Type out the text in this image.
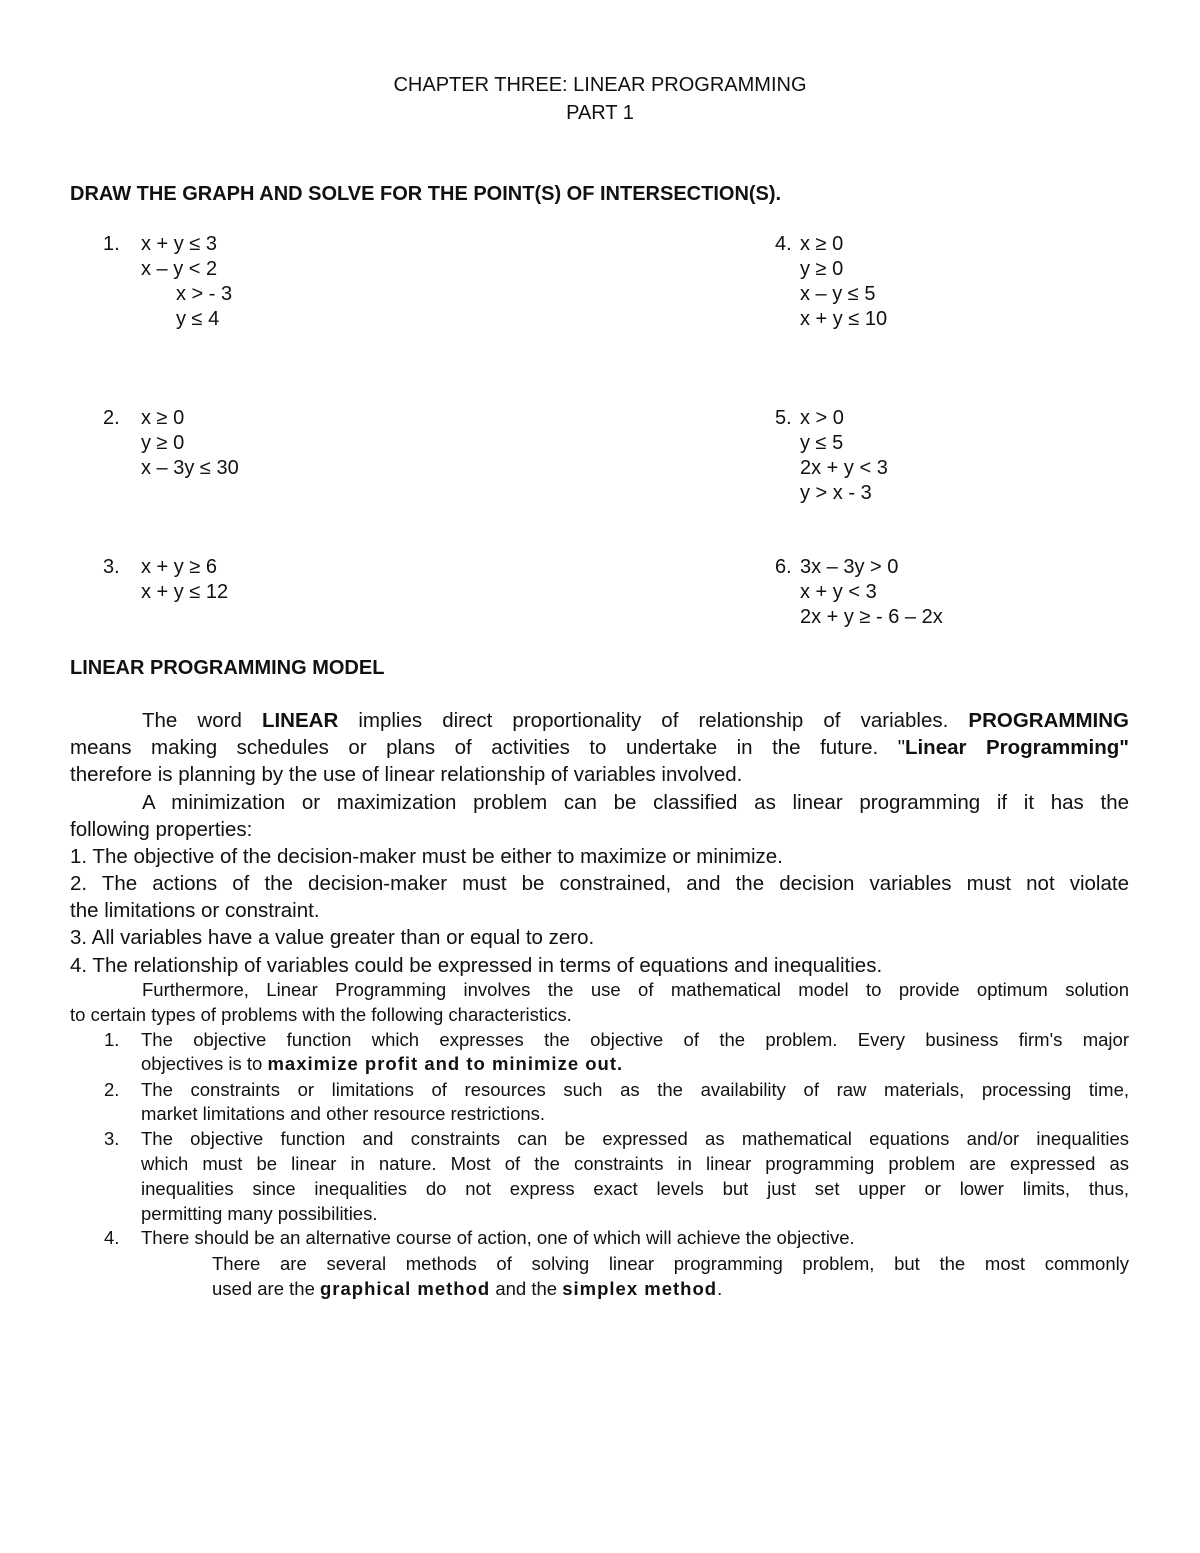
CHAPTER THREE: LINEAR PROGRAMMING
PART 1
DRAW THE GRAPH AND SOLVE FOR THE POINT(S) OF INTERSECTION(S).
1. x + y ≤ 3
x – y < 2
x > - 3
y ≤ 4
2. x ≥ 0
y ≥ 0
x – 3y ≤ 30
3. x + y ≥ 6
x + y ≤ 12
4. x ≥ 0
y ≥ 0
x – y ≤ 5
x + y ≤ 10
5. x > 0
y ≤ 5
2x + y < 3
y > x - 3
6. 3x – 3y > 0
x + y < 3
2x + y ≥ - 6 – 2x
LINEAR PROGRAMMING MODEL
The word LINEAR implies direct proportionality of relationship of variables. PROGRAMMING
means making schedules or plans of activities to undertake in the future. "Linear Programming"
therefore is planning by the use of linear relationship of variables involved.
A minimization or maximization problem can be classified as linear programming if it has the
following properties:
1. The objective of the decision-maker must be either to maximize or minimize.
2. The actions of the decision-maker must be constrained, and the decision variables must not violate
the limitations or constraint.
3. All variables have a value greater than or equal to zero.
4. The relationship of variables could be expressed in terms of equations and inequalities.
Furthermore, Linear Programming involves the use of mathematical model to provide optimum solution
to certain types of problems with the following characteristics.
1. The objective function which expresses the objective of the problem. Every business firm's major
objectives is to maximize profit and to minimize out.
2. The constraints or limitations of resources such as the availability of raw materials, processing time,
market limitations and other resource restrictions.
3. The objective function and constraints can be expressed as mathematical equations and/or inequalities
which must be linear in nature. Most of the constraints in linear programming problem are expressed as
inequalities since inequalities do not express exact levels but just set upper or lower limits, thus,
permitting many possibilities.
4. There should be an alternative course of action, one of which will achieve the objective.
There are several methods of solving linear programming problem, but the most commonly
used are the graphical method and the simplex method.
